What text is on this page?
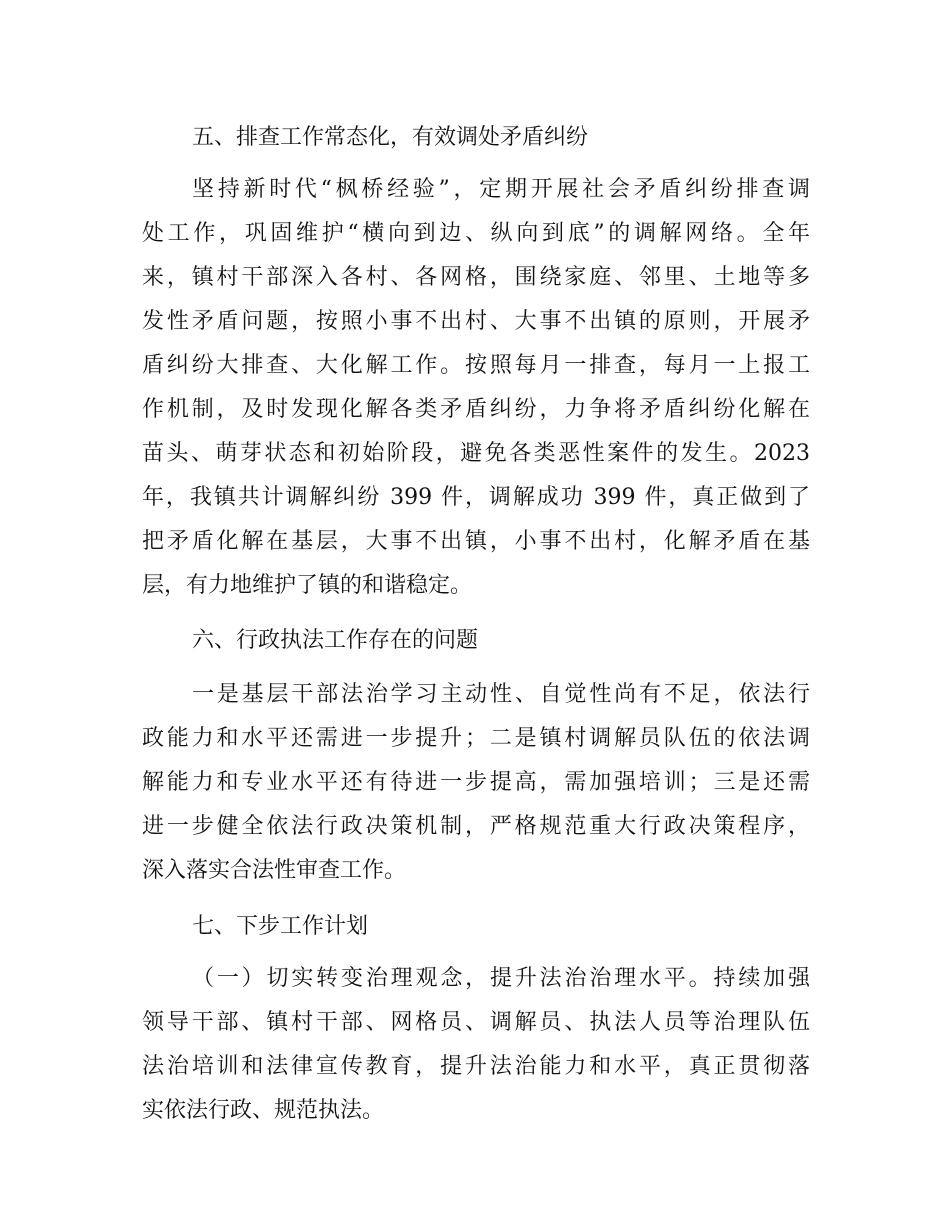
五、排查工作常态化，有效调处矛盾纠纷
坚持新时代“枫桥经验”，定期开展社会矛盾纠纷排查调
处工作，巩固维护“横向到边、纵向到底”的调解网络。全年
来，镇村干部深入各村、各网格，围绕家庭、邻里、土地等多
发性矛盾问题，按照小事不出村、大事不出镇的原则，开展矛
盾纠纷大排查、大化解工作。按照每月一排查，每月一上报工
作机制，及时发现化解各类矛盾纠纷，力争将矛盾纠纷化解在
苗头、萌芽状态和初始阶段，避免各类恶性案件的发生。2023
年，我镇共计调解纠纷 399 件，调解成功 399 件，真正做到了
把矛盾化解在基层，大事不出镇，小事不出村，化解矛盾在基
层，有力地维护了镇的和谐稳定。
六、行政执法工作存在的问题
一是基层干部法治学习主动性、自觉性尚有不足，依法行
政能力和水平还需进一步提升；二是镇村调解员队伍的依法调
解能力和专业水平还有待进一步提高，需加强培训；三是还需
进一步健全依法行政决策机制，严格规范重大行政决策程序，
深入落实合法性审查工作。
七、下步工作计划
（一）切实转变治理观念，提升法治治理水平。持续加强
领导干部、镇村干部、网格员、调解员、执法人员等治理队伍
法治培训和法律宣传教育，提升法治能力和水平，真正贯彻落
实依法行政、规范执法。
